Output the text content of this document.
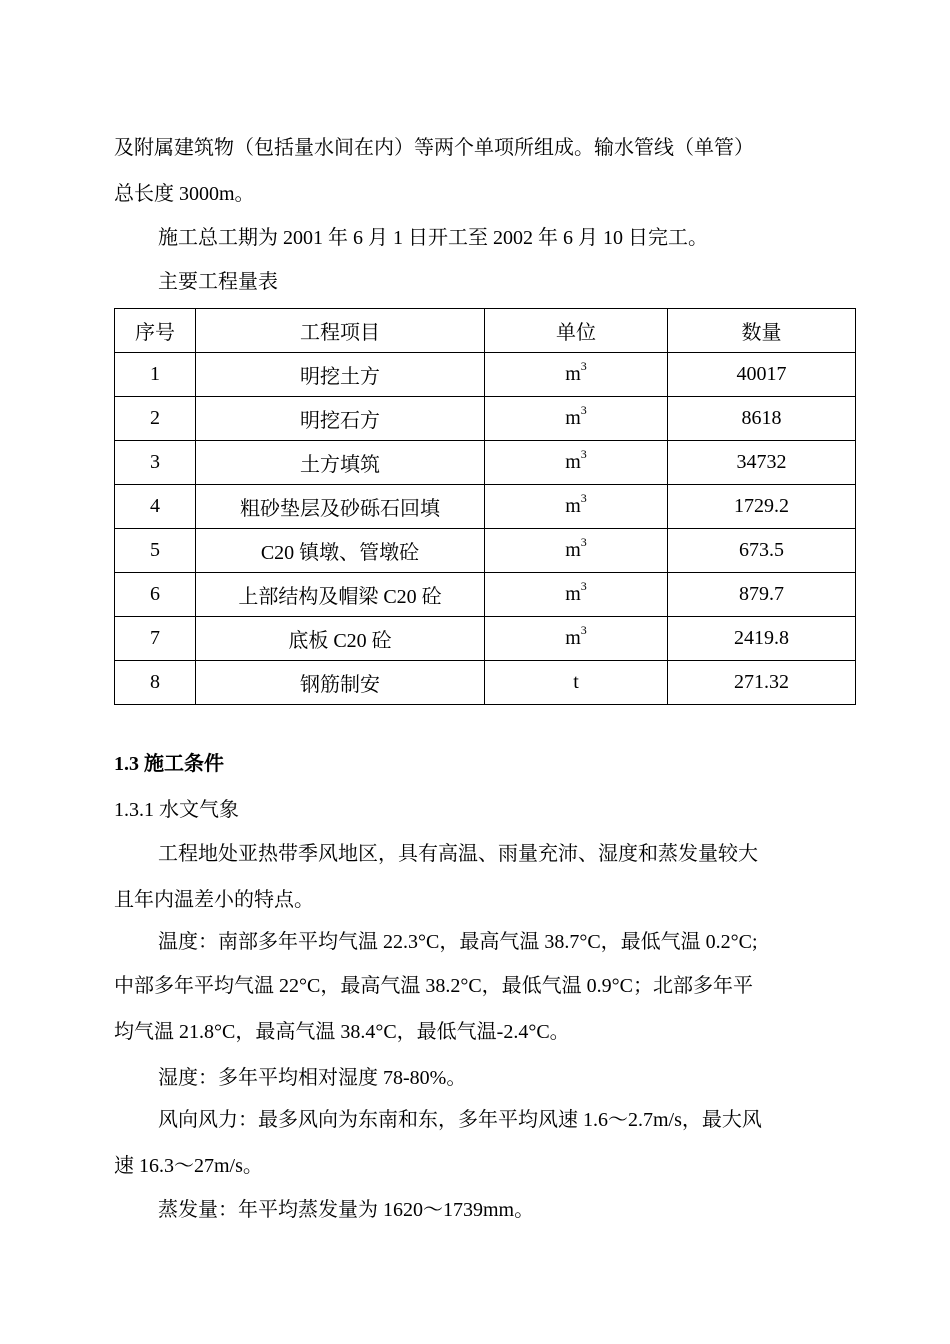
及附属建筑物（包括量水间在内）等两个单项所组成。输水管线（单管）
总长度 3000m。
施工总工期为 2001 年 6 月 1 日开工至 2002 年 6 月 10 日完工。
主要工程量表
序号	工程项目	单位	数量
1	明挖土方	$m^3$	40017
2	明挖石方	$m^3$	8618
3	土方填筑	$m^3$	34732
4	粗砂垫层及砂砾石回填	$m^3$	1729.2
5	C20 镇墩、管墩砼	$m^3$	673.5
6	上部结构及帽梁 C20 砼	$m^3$	879.7
7	底板 C20 砼	$m^3$	2419.8
8	钢筋制安	t	271.32
1.3 施工条件
1.3.1 水文气象
工程地处亚热带季风地区，具有高温、雨量充沛、湿度和蒸发量较大
且年内温差小的特点。
温度：南部多年平均气温 22.3°C，最高气温 38.7°C，最低气温 0.2°C;
中部多年平均气温 22°C，最高气温 38.2°C，最低气温 0.9°C；北部多年平
均气温 21.8°C，最高气温 38.4°C，最低气温-2.4°C。
湿度：多年平均相对湿度 78-80%。
风向风力：最多风向为东南和东，多年平均风速 1.6～2.7m/s，最大风
速 16.3～27m/s。
蒸发量：年平均蒸发量为 1620～1739mm。
